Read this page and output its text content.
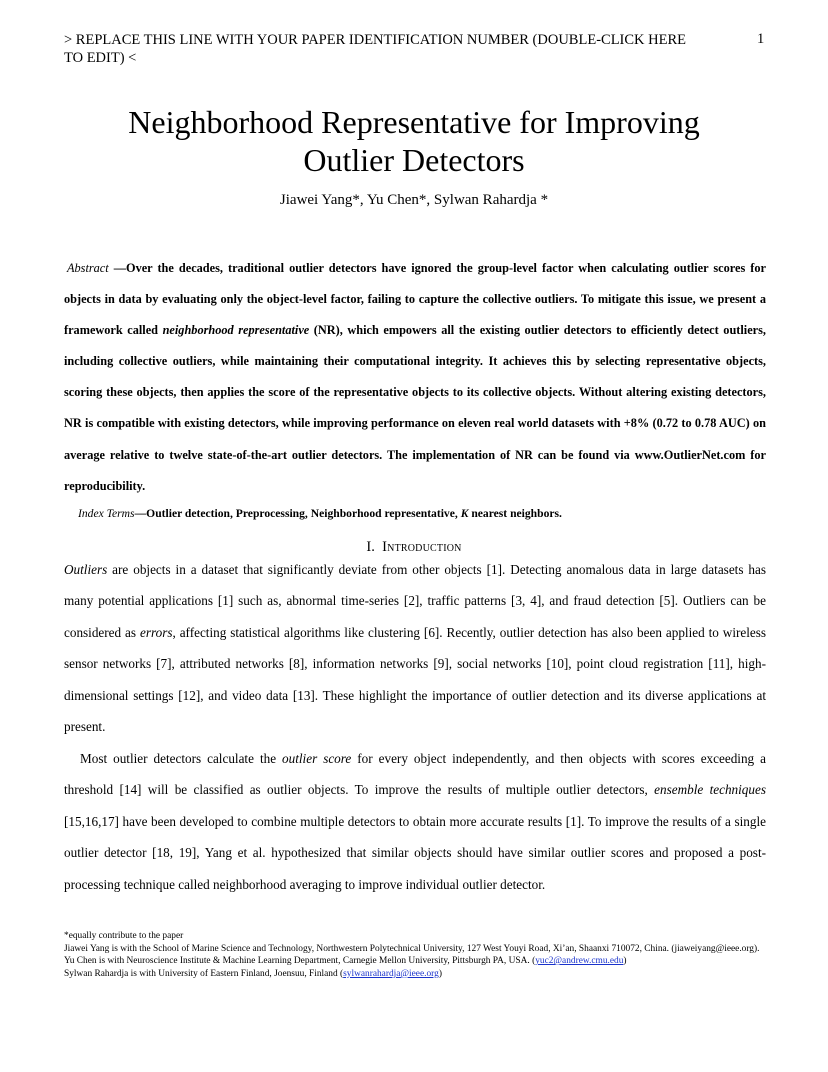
> REPLACE THIS LINE WITH YOUR PAPER IDENTIFICATION NUMBER (DOUBLE-CLICK HERE TO EDIT) <
1
Neighborhood Representative for Improving
Outlier Detectors
Jiawei Yang*, Yu Chen*, Sylwan Rahardja *
Abstract —Over the decades, traditional outlier detectors have ignored the group-level factor when calculating outlier scores for objects in data by evaluating only the object-level factor, failing to capture the collective outliers. To mitigate this issue, we present a framework called neighborhood representative (NR), which empowers all the existing outlier detectors to efficiently detect outliers, including collective outliers, while maintaining their computational integrity. It achieves this by selecting representative objects, scoring these objects, then applies the score of the representative objects to its collective objects. Without altering existing detectors, NR is compatible with existing detectors, while improving performance on eleven real world datasets with +8% (0.72 to 0.78 AUC) on average relative to twelve state-of-the-art outlier detectors. The implementation of NR can be found via www.OutlierNet.com for reproducibility.
Index Terms—Outlier detection, Preprocessing, Neighborhood representative, K nearest neighbors.
I. Introduction
Outliers are objects in a dataset that significantly deviate from other objects [1]. Detecting anomalous data in large datasets has many potential applications [1] such as, abnormal time-series [2], traffic patterns [3, 4], and fraud detection [5]. Outliers can be considered as errors, affecting statistical algorithms like clustering [6]. Recently, outlier detection has also been applied to wireless sensor networks [7], attributed networks [8], information networks [9], social networks [10], point cloud registration [11], high-dimensional settings [12], and video data [13]. These highlight the importance of outlier detection and its diverse applications at present.
Most outlier detectors calculate the outlier score for every object independently, and then objects with scores exceeding a threshold [14] will be classified as outlier objects. To improve the results of multiple outlier detectors, ensemble techniques [15,16,17] have been developed to combine multiple detectors to obtain more accurate results [1]. To improve the results of a single outlier detector [18, 19], Yang et al. hypothesized that similar objects should have similar outlier scores and proposed a post-processing technique called neighborhood averaging to improve individual outlier detector.
*equally contribute to the paper
Jiawei Yang is with the School of Marine Science and Technology, Northwestern Polytechnical University, 127 West Youyi Road, Xi’an, Shaanxi 710072, China. (jiaweiyang@ieee.org).
Yu Chen is with Neuroscience Institute & Machine Learning Department, Carnegie Mellon University, Pittsburgh PA, USA. (yuc2@andrew.cmu.edu)
Sylwan Rahardja is with University of Eastern Finland, Joensuu, Finland (sylwanrahardja@ieee.org)
